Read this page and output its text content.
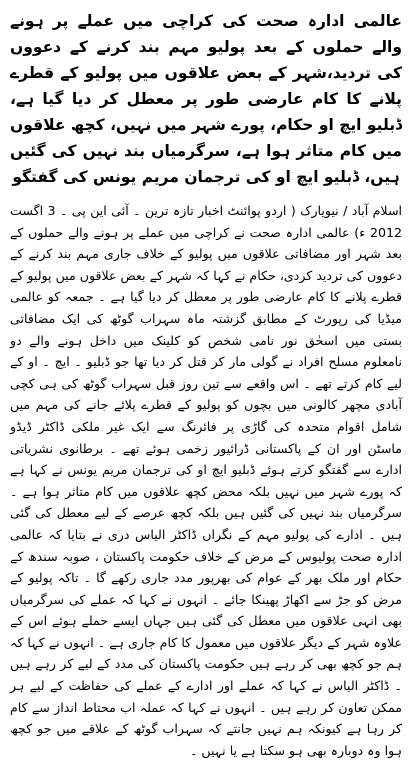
عالمی ادارہ صحت کی کراچی میں عملے پر ہونے والے حملوں کے بعد پولیو مہم بند کرنے کے دعووں کی تردید،شہر کے بعض علاقوں میں پولیو کے قطرے پلانے کا کام عارضی طور پر معطل کر دیا گیا ہے، ڈبلیو ایچ او حکام، پورے شہر میں نہیں، کچھ علاقوں میں کام متاثر ہوا ہے، سرگرمیاں بند نہیں کی گئیں ہیں، ڈبلیو ایچ او کی ترجمان مریم یونس کی گفتگو

اسلام آباد / نیویارک ( اردو پوائنٹ اخبار تازہ ترین ۔ آئی این پی ۔ 3 اگست 2012 ء) عالمی ادارہ صحت نے کراچی میں عملے پر ہونے والے حملوں کے بعد شہر اور مضافاتی علاقوں میں پولیو کے خلاف جاری مہم بند کرنے کے دعووں کی تردید کردی، حکام نے کہا کہ شہر کے بعض علاقوں میں پولیو کے قطرے پلانے کا کام عارضی طور پر معطل کر دیا گیا ہے ۔ جمعہ کو عالمی میڈیا کی رپورٹ کے مطابق گزشتہ ماہ سہراب گوٹھ کی ایک مضافاتی بستی میں اسحٰق نور نامی شخص کو کلینک میں داخل ہونے والے دو نامعلوم مسلح افراد نے گولی مار کر قتل کر دیا تھا جو ڈبلیو ۔ ایچ ۔ او کے لیے کام کرتے تھے ۔ اس واقعے سے تین روز قبل سہراب گوٹھ کی ہی کچی آبادی مچھر کالونی میں بچوں کو پولیو کے قطرے پلائے جانے کی مہم میں شامل اقوام متحدہ کی گاڑی پر فائرنگ سے ایک غیر ملکی ڈاکٹر ڈیڈو ماسٹن اور ان کے پاکستانی ڈرائیور زخمی ہوئے تھے ۔ برطانوی نشریاتی ادارے سے گفتگو کرتے ہوئے ڈبلیو ایچ او کی ترجمان مریم یونس نے کہا ہے کہ پورے شہر میں نہیں بلکہ محض کچھ علاقوں میں کام متاثر ہوا ہے ۔ سرگرمیاں بند نہیں کی گئیں ہیں بلکہ کچھ عرصے کے لیے معطل کی گئی ہیں ۔ ادارے کی پولیو مہم کے نگراں ڈاکٹر الیاس دری نے بتایا کہ عالمی ادارہ صحت پولیوس کے مرض کے خلاف حکومت پاکستان ، صوبہ سندھ کے حکام اور ملک بھر کے عوام کی بھرپور مدد جاری رکھے گا ۔ تاکہ پولیو کے مرض کو جڑ سے اکھاڑ پھینکا جائے ۔ انہوں نے کہا کہ عملے کی سرگرمیاں بھی انہی علاقوں میں معطل کی گئی ہیں جہاں ایسے حملے ہوئے اس کے علاوہ شہر کے دیگر علاقوں میں معمول کا کام جاری ہے ۔ انہوں نے کہا کہ ہم جو کچھ بھی کر رہے ہیں حکومت پاکستان کی مدد کے لیے کر رہے ہیں ۔ ڈاکٹر الیاس نے کہا کہ عملے اور ادارے کے عملے کی حفاظت کے لیے ہر ممکن تعاون کر رہے ہیں ۔ انہوں نے کہا کہ عملہ اب محتاط انداز سے کام کر رہا ہے کیونکہ ہم نہیں جانتے کہ سہراب گوٹھ کے علاقے میں جو کچھ ہوا وہ دوبارہ بھی ہو سکتا ہے یا نہیں ۔
